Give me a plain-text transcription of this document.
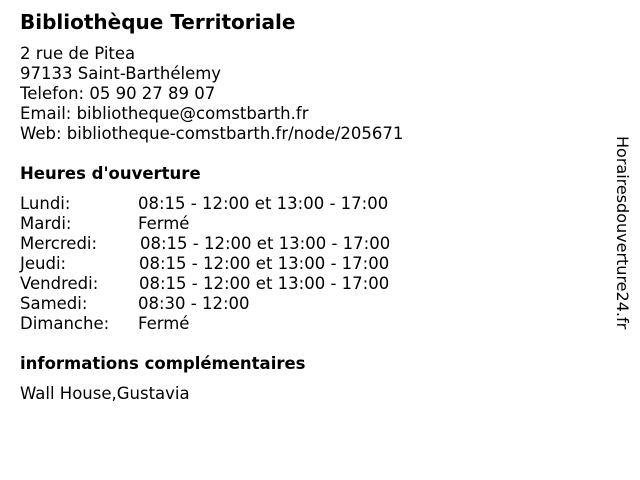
Bibliothèque Territoriale
2 rue de Pitea
97133 Saint-Barthélemy
Telefon: 05 90 27 89 07
Email: bibliotheque@comstbarth.fr
Web: bibliotheque-comstbarth.fr/node/205671
Heures d'ouverture
Lundi:	08:15 - 12:00 et 13:00 - 17:00
Mardi:	Fermé
Mercredi:	08:15 - 12:00 et 13:00 - 17:00
Jeudi:	08:15 - 12:00 et 13:00 - 17:00
Vendredi: 08:15 - 12:00 et 13:00 - 17:00
Samedi:	08:30 - 12:00
Dimanche: Fermé
informations complémentaires
Wall House,Gustavia
Horairesdouverture24.fr
